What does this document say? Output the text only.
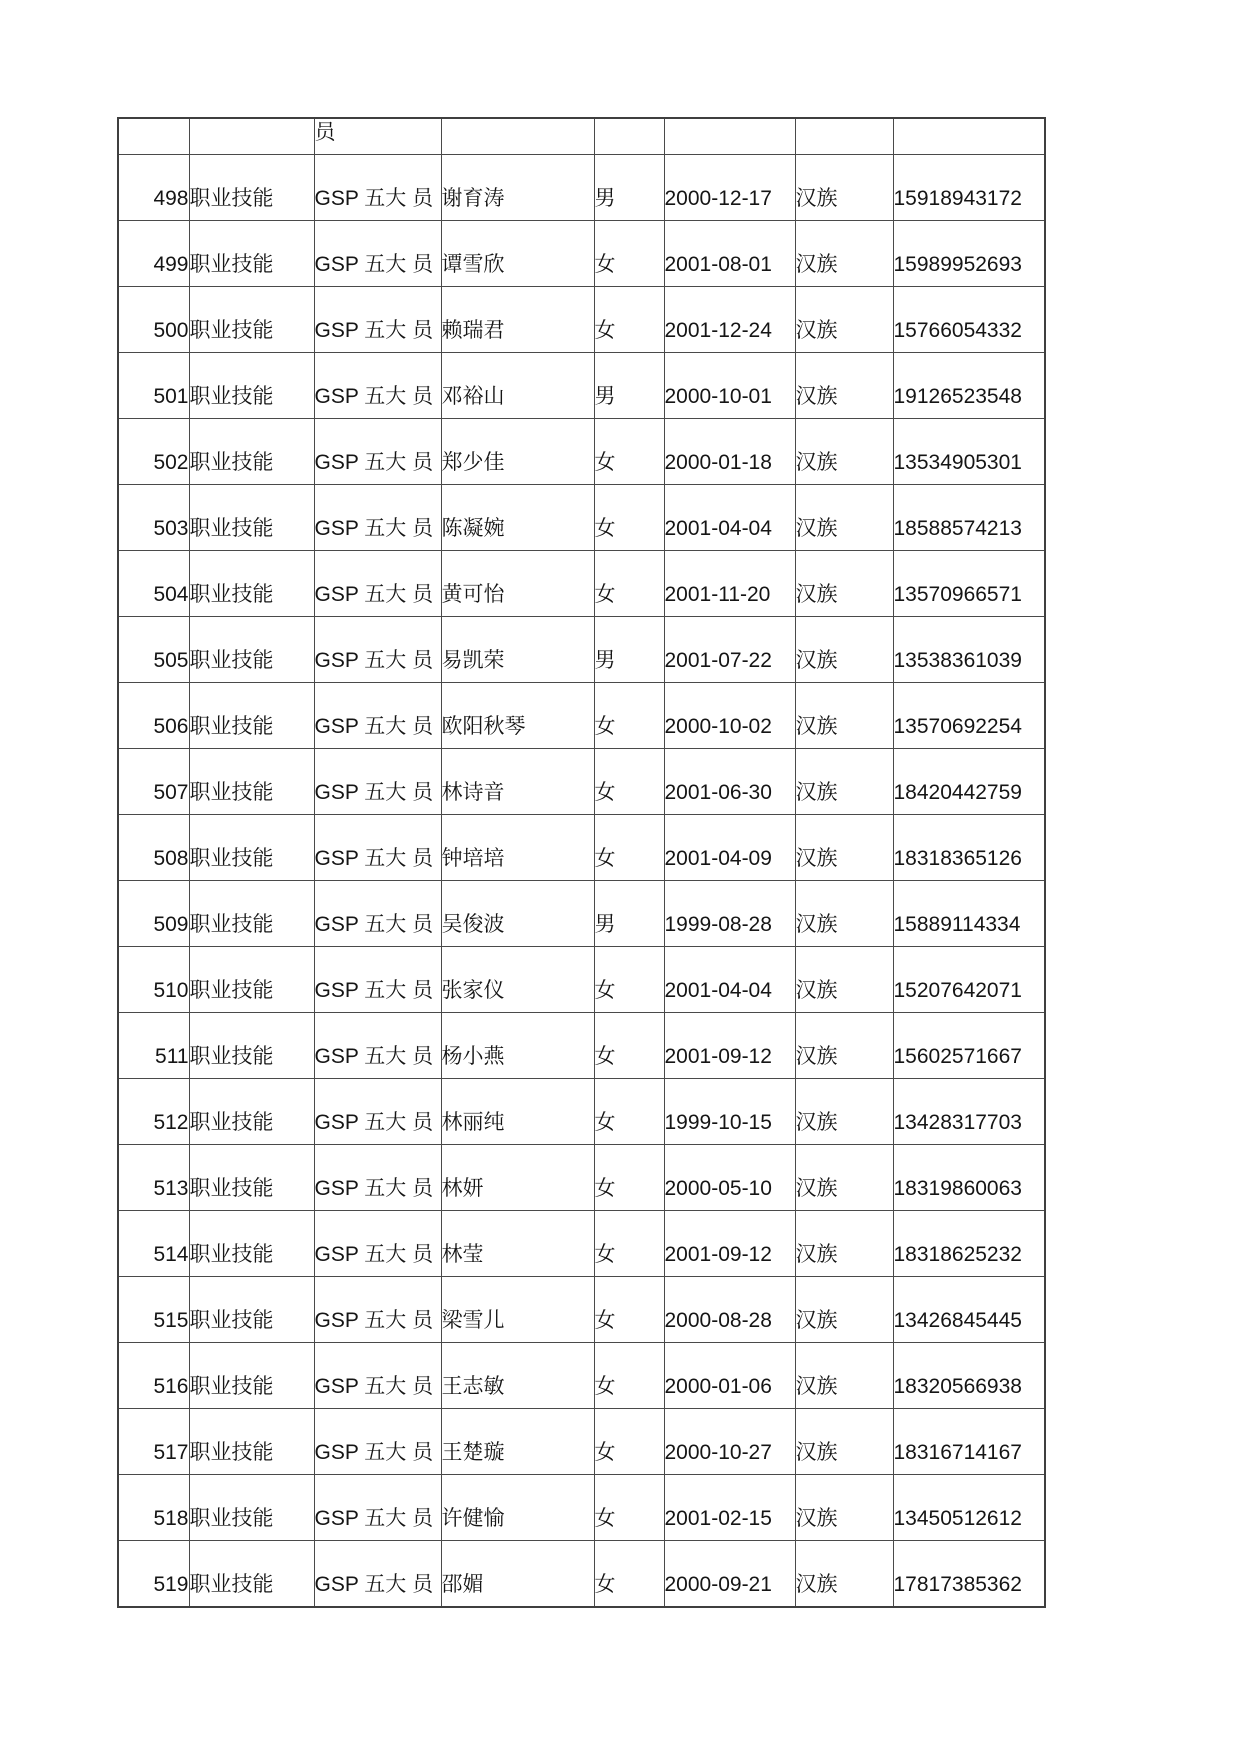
		员					
498	职业技能	GSP 五大 员	谢育涛	男	2000-12-17	汉族	15918943172
499	职业技能	GSP 五大 员	谭雪欣	女	2001-08-01	汉族	15989952693
500	职业技能	GSP 五大 员	赖瑞君	女	2001-12-24	汉族	15766054332
501	职业技能	GSP 五大 员	邓裕山	男	2000-10-01	汉族	19126523548
502	职业技能	GSP 五大 员	郑少佳	女	2000-01-18	汉族	13534905301
503	职业技能	GSP 五大 员	陈凝婉	女	2001-04-04	汉族	18588574213
504	职业技能	GSP 五大 员	黄可怡	女	2001-11-20	汉族	13570966571
505	职业技能	GSP 五大 员	易凯荣	男	2001-07-22	汉族	13538361039
506	职业技能	GSP 五大 员	欧阳秋琴	女	2000-10-02	汉族	13570692254
507	职业技能	GSP 五大 员	林诗音	女	2001-06-30	汉族	18420442759
508	职业技能	GSP 五大 员	钟培培	女	2001-04-09	汉族	18318365126
509	职业技能	GSP 五大 员	吴俊波	男	1999-08-28	汉族	15889114334
510	职业技能	GSP 五大 员	张家仪	女	2001-04-04	汉族	15207642071
511	职业技能	GSP 五大 员	杨小燕	女	2001-09-12	汉族	15602571667
512	职业技能	GSP 五大 员	林丽纯	女	1999-10-15	汉族	13428317703
513	职业技能	GSP 五大 员	林妍	女	2000-05-10	汉族	18319860063
514	职业技能	GSP 五大 员	林莹	女	2001-09-12	汉族	18318625232
515	职业技能	GSP 五大 员	梁雪儿	女	2000-08-28	汉族	13426845445
516	职业技能	GSP 五大 员	王志敏	女	2000-01-06	汉族	18320566938
517	职业技能	GSP 五大 员	王楚璇	女	2000-10-27	汉族	18316714167
518	职业技能	GSP 五大 员	许健愉	女	2001-02-15	汉族	13450512612
519	职业技能	GSP 五大 员	邵媚	女	2000-09-21	汉族	17817385362
